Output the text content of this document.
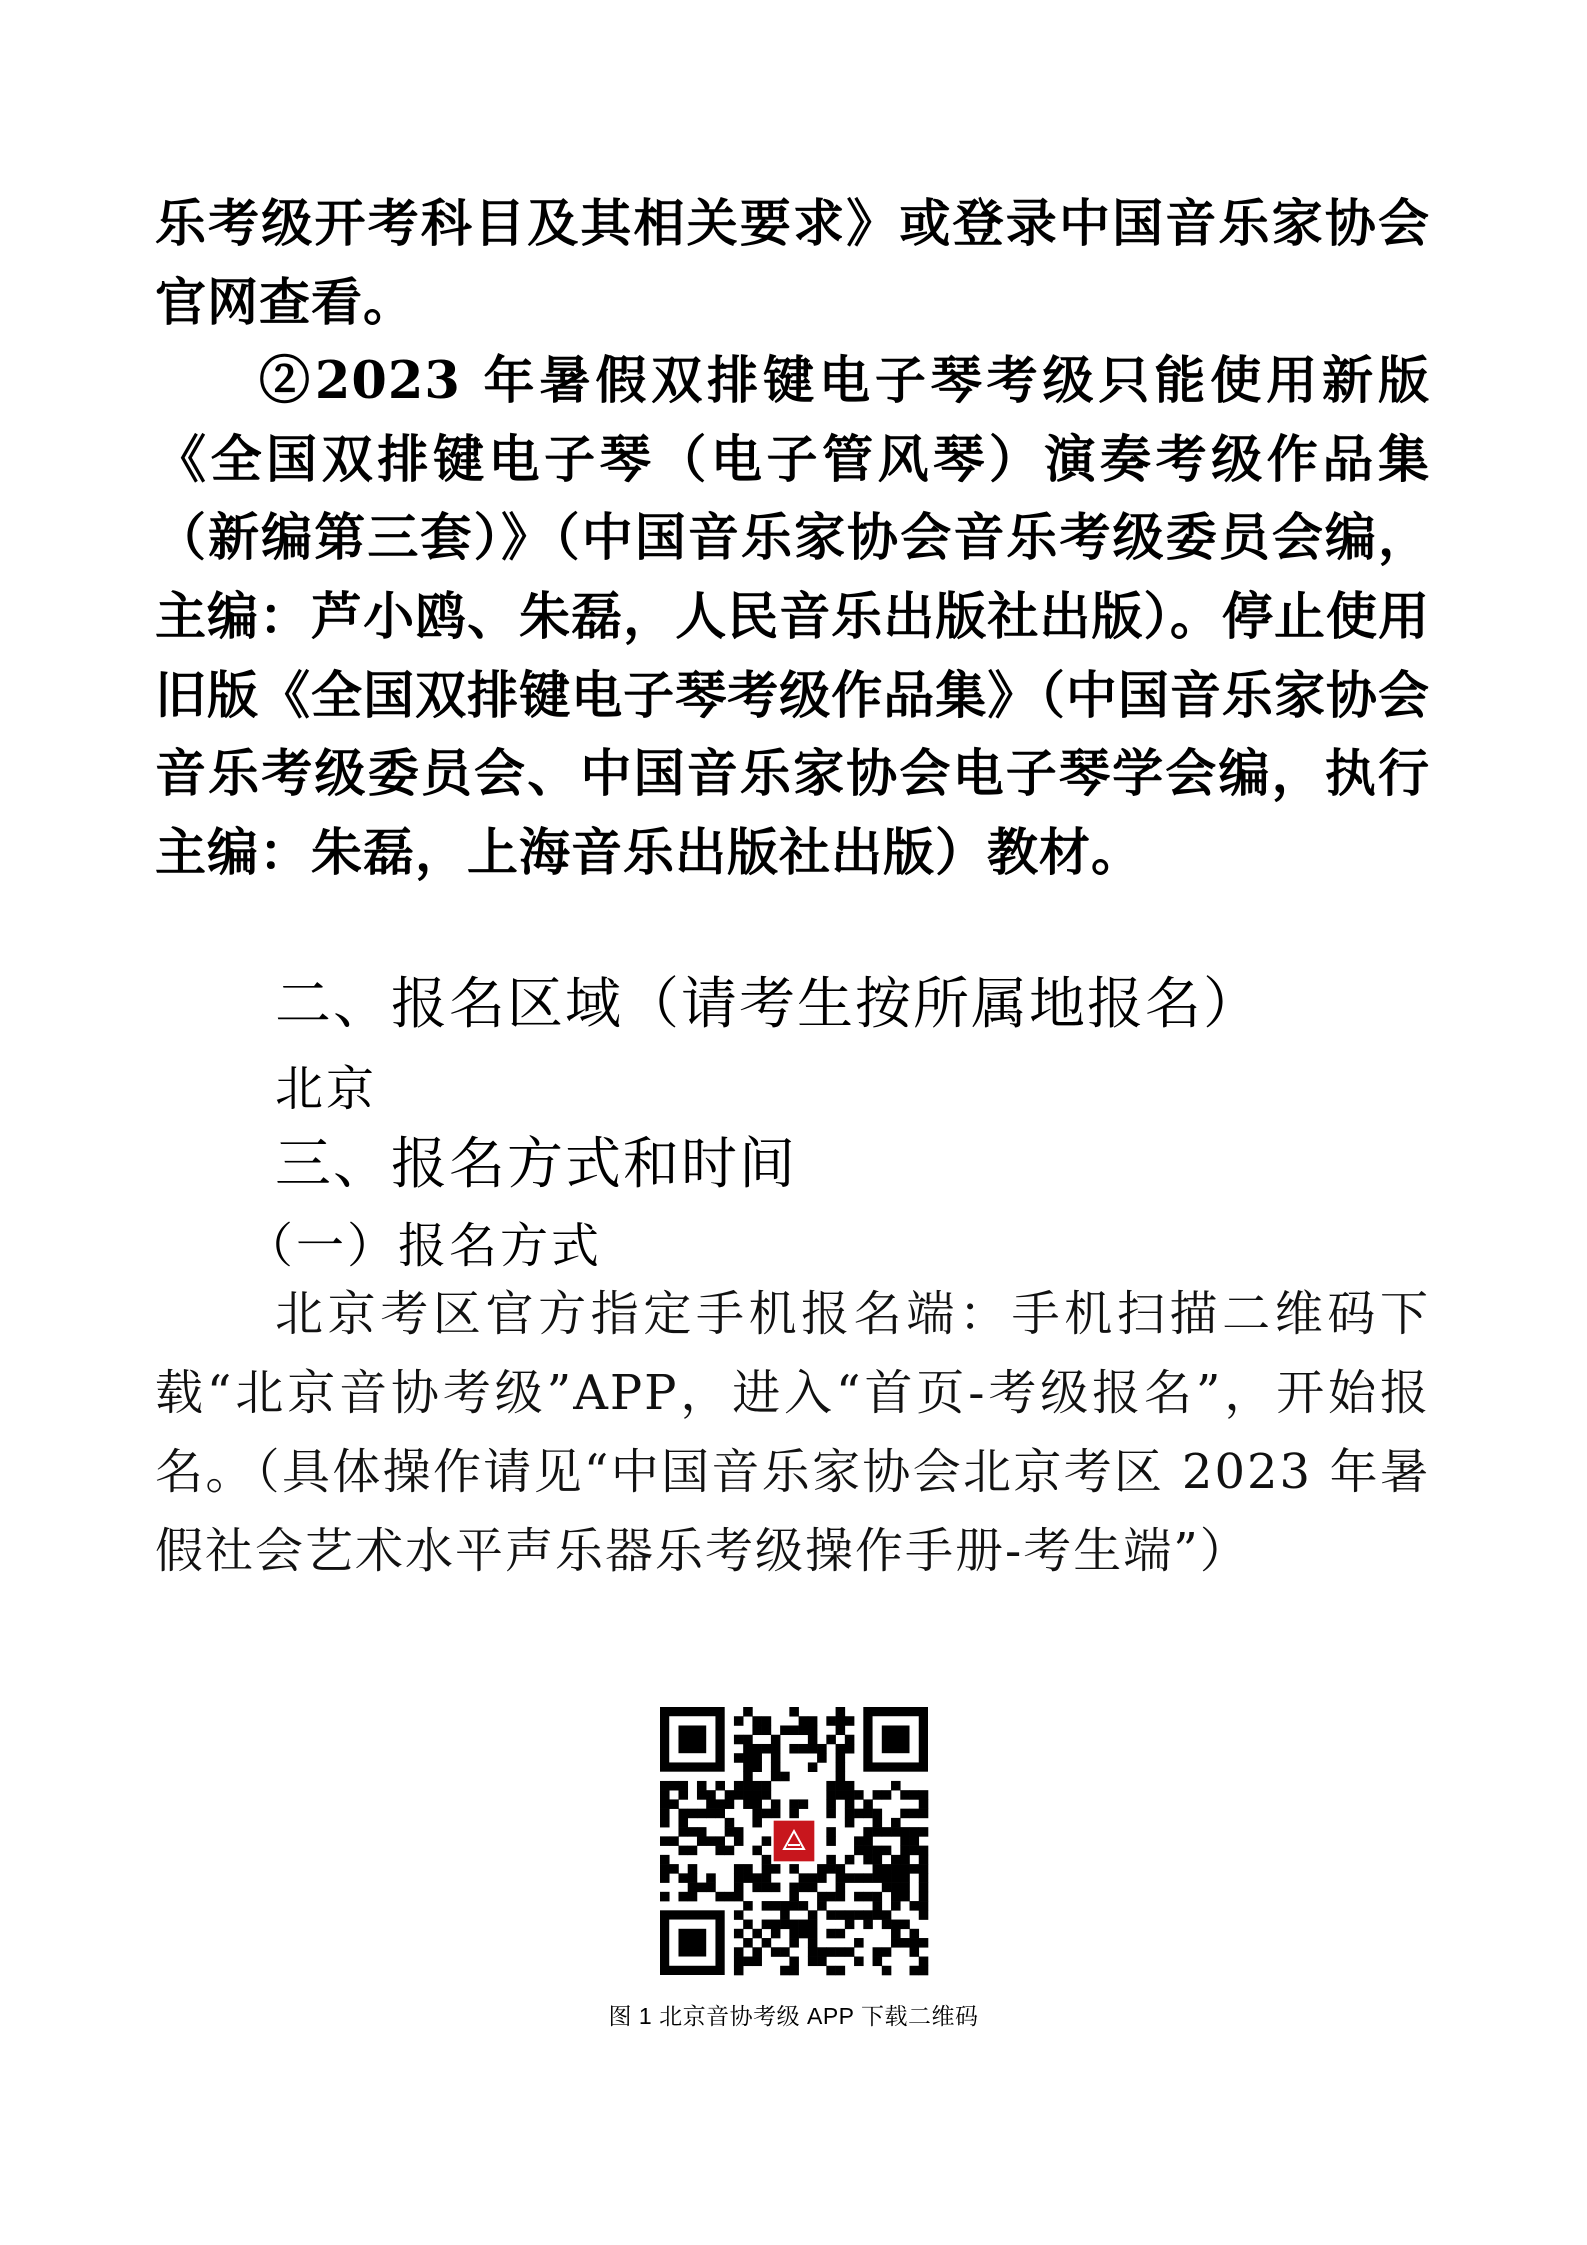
乐考级开考科目及其相关要求》或登录中国音乐家协会官网查看。

②2023 年暑假双排键电子琴考级只能使用新版《全国双排键电子琴（电子管风琴）演奏考级作品集（新编第三套）》（中国音乐家协会音乐考级委员会编，主编：芦小鸥、朱磊，人民音乐出版社出版）。停止使用旧版《全国双排键电子琴考级作品集》（中国音乐家协会音乐考级委员会、中国音乐家协会电子琴学会编，执行主编：朱磊，上海音乐出版社出版）教材。

二、报名区域（请考生按所属地报名）
北京
三、报名方式和时间
（一）报名方式
北京考区官方指定手机报名端：手机扫描二维码下载“北京音协考级”APP，进入“首页-考级报名”，开始报名。（具体操作请见“中国音乐家协会北京考区 2023 年暑假社会艺术水平声乐器乐考级操作手册-考生端”）
图 1 北京音协考级 APP 下载二维码
